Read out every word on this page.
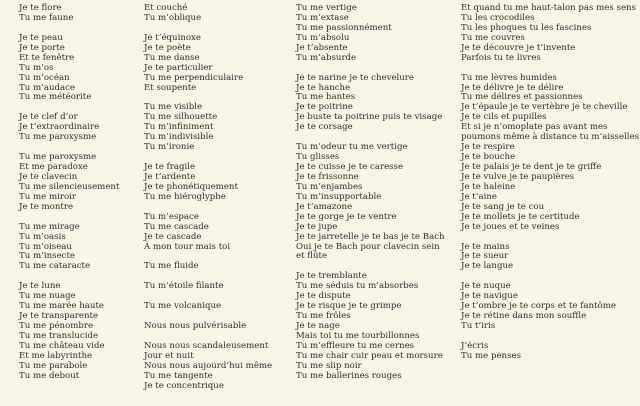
Je te flore
Tu me faune
Je te peau
Je te porte
Et te fenêtre
Tu m’os
Tu m’océan
Tu m’audace
Tu me météorite
Je te clef d’or
Je t’extraordinaire
Tu me paroxysme
Tu me paroxysme
Et me paradoxe
Je te clavecin
Tu me silencieusement
Tu me miroir
Je te montre
Tu me mirage
Tu m’oasis
Tu m’oiseau
Tu m’insecte
Tu me cataracte
Je te lune
Tu me nuage
Tu me marée haute
Je te transparente
Tu me pénombre
Tu me translucide
Tu me château vide
Et me labyrinthe
Tu me parabole
Tu me debout
Et couché
Tu m’oblique
Je t’équinoxe
Je te poète
Tu me danse
Je te particulier
Tu me perpendiculaire
Et soupente
Tu me visible
Tu me silhouette
Tu m’infiniment
Tu m’indivisible
Tu m’ironie
Je te fragile
Je t’ardente
Je te phonétiquement
Tu me hiéroglyphe
Tu m’espace
Tu me cascade
Je te cascade
À mon tour mais toi
Tu me fluide
Tu m’étoile filante
Tu me volcanique
Nous nous pulvérisable
Nous nous scandaleusement
Jour et nuit
Nous nous aujourd’hui même
Tu me tangente
Je te concentrique
Tu me vertige
Tu m’extase
Tu me passionnément
Tu m’absolu
Je t’absente
Tu m’absurde
Je te narine je te chevelure
Je te hanche
Tu me hantes
Je te poitrine
Je buste ta poitrine puis te visage
Je te corsage
Tu m’odeur tu me vertige
Tu glisses
Je te cuisse je te caresse
Je te frissonne
Tu m’enjambes
Tu m’insupportable
Je t’amazone
Je te gorge je te ventre
Je te jupe
Je te jarretelle je te bas je te Bach
Oui je te Bach pour clavecin sein
et flûte
Je te tremblante
Tu me séduis tu m’absorbes
Je te dispute
Je te risque je te grimpe
Tu me frôles
Je te nage
Mais toi tu me tourbillonnes
Tu m’effleure tu me cernes
Tu me chair cuir peau et morsure
Tu me slip noir
Tu me ballerines rouges
Et quand tu me haut-talon pas mes sens
Tu les crocodiles
Tu les phoques tu les fascines
Tu me couvres
Je te découvre je t’invente
Parfois tu te livres
Tu me lèvres humides
Je te délivre je te délire
Tu me délires et passionnes
Je t’épaule je te vertèbre je te cheville
Je te cils et pupilles
Et si je n’omoplate pas avant mes
poumons même à distance tu m’aisselles
Je te respire
Je te bouche
Je te palais je te dent je te griffe
Je te vulve je te paupières
Je te haleine
Je t’aine
Je te sang je te cou
Je te mollets je te certitude
Je te joues et te veines
Je te mains
Je te sueur
Je te langue
Je te nuque
Je te navigue
Je t’ombre je te corps et te fantôme
Je te rétine dans mon souffle
Tu t’iris
J’écris
Tu me penses
